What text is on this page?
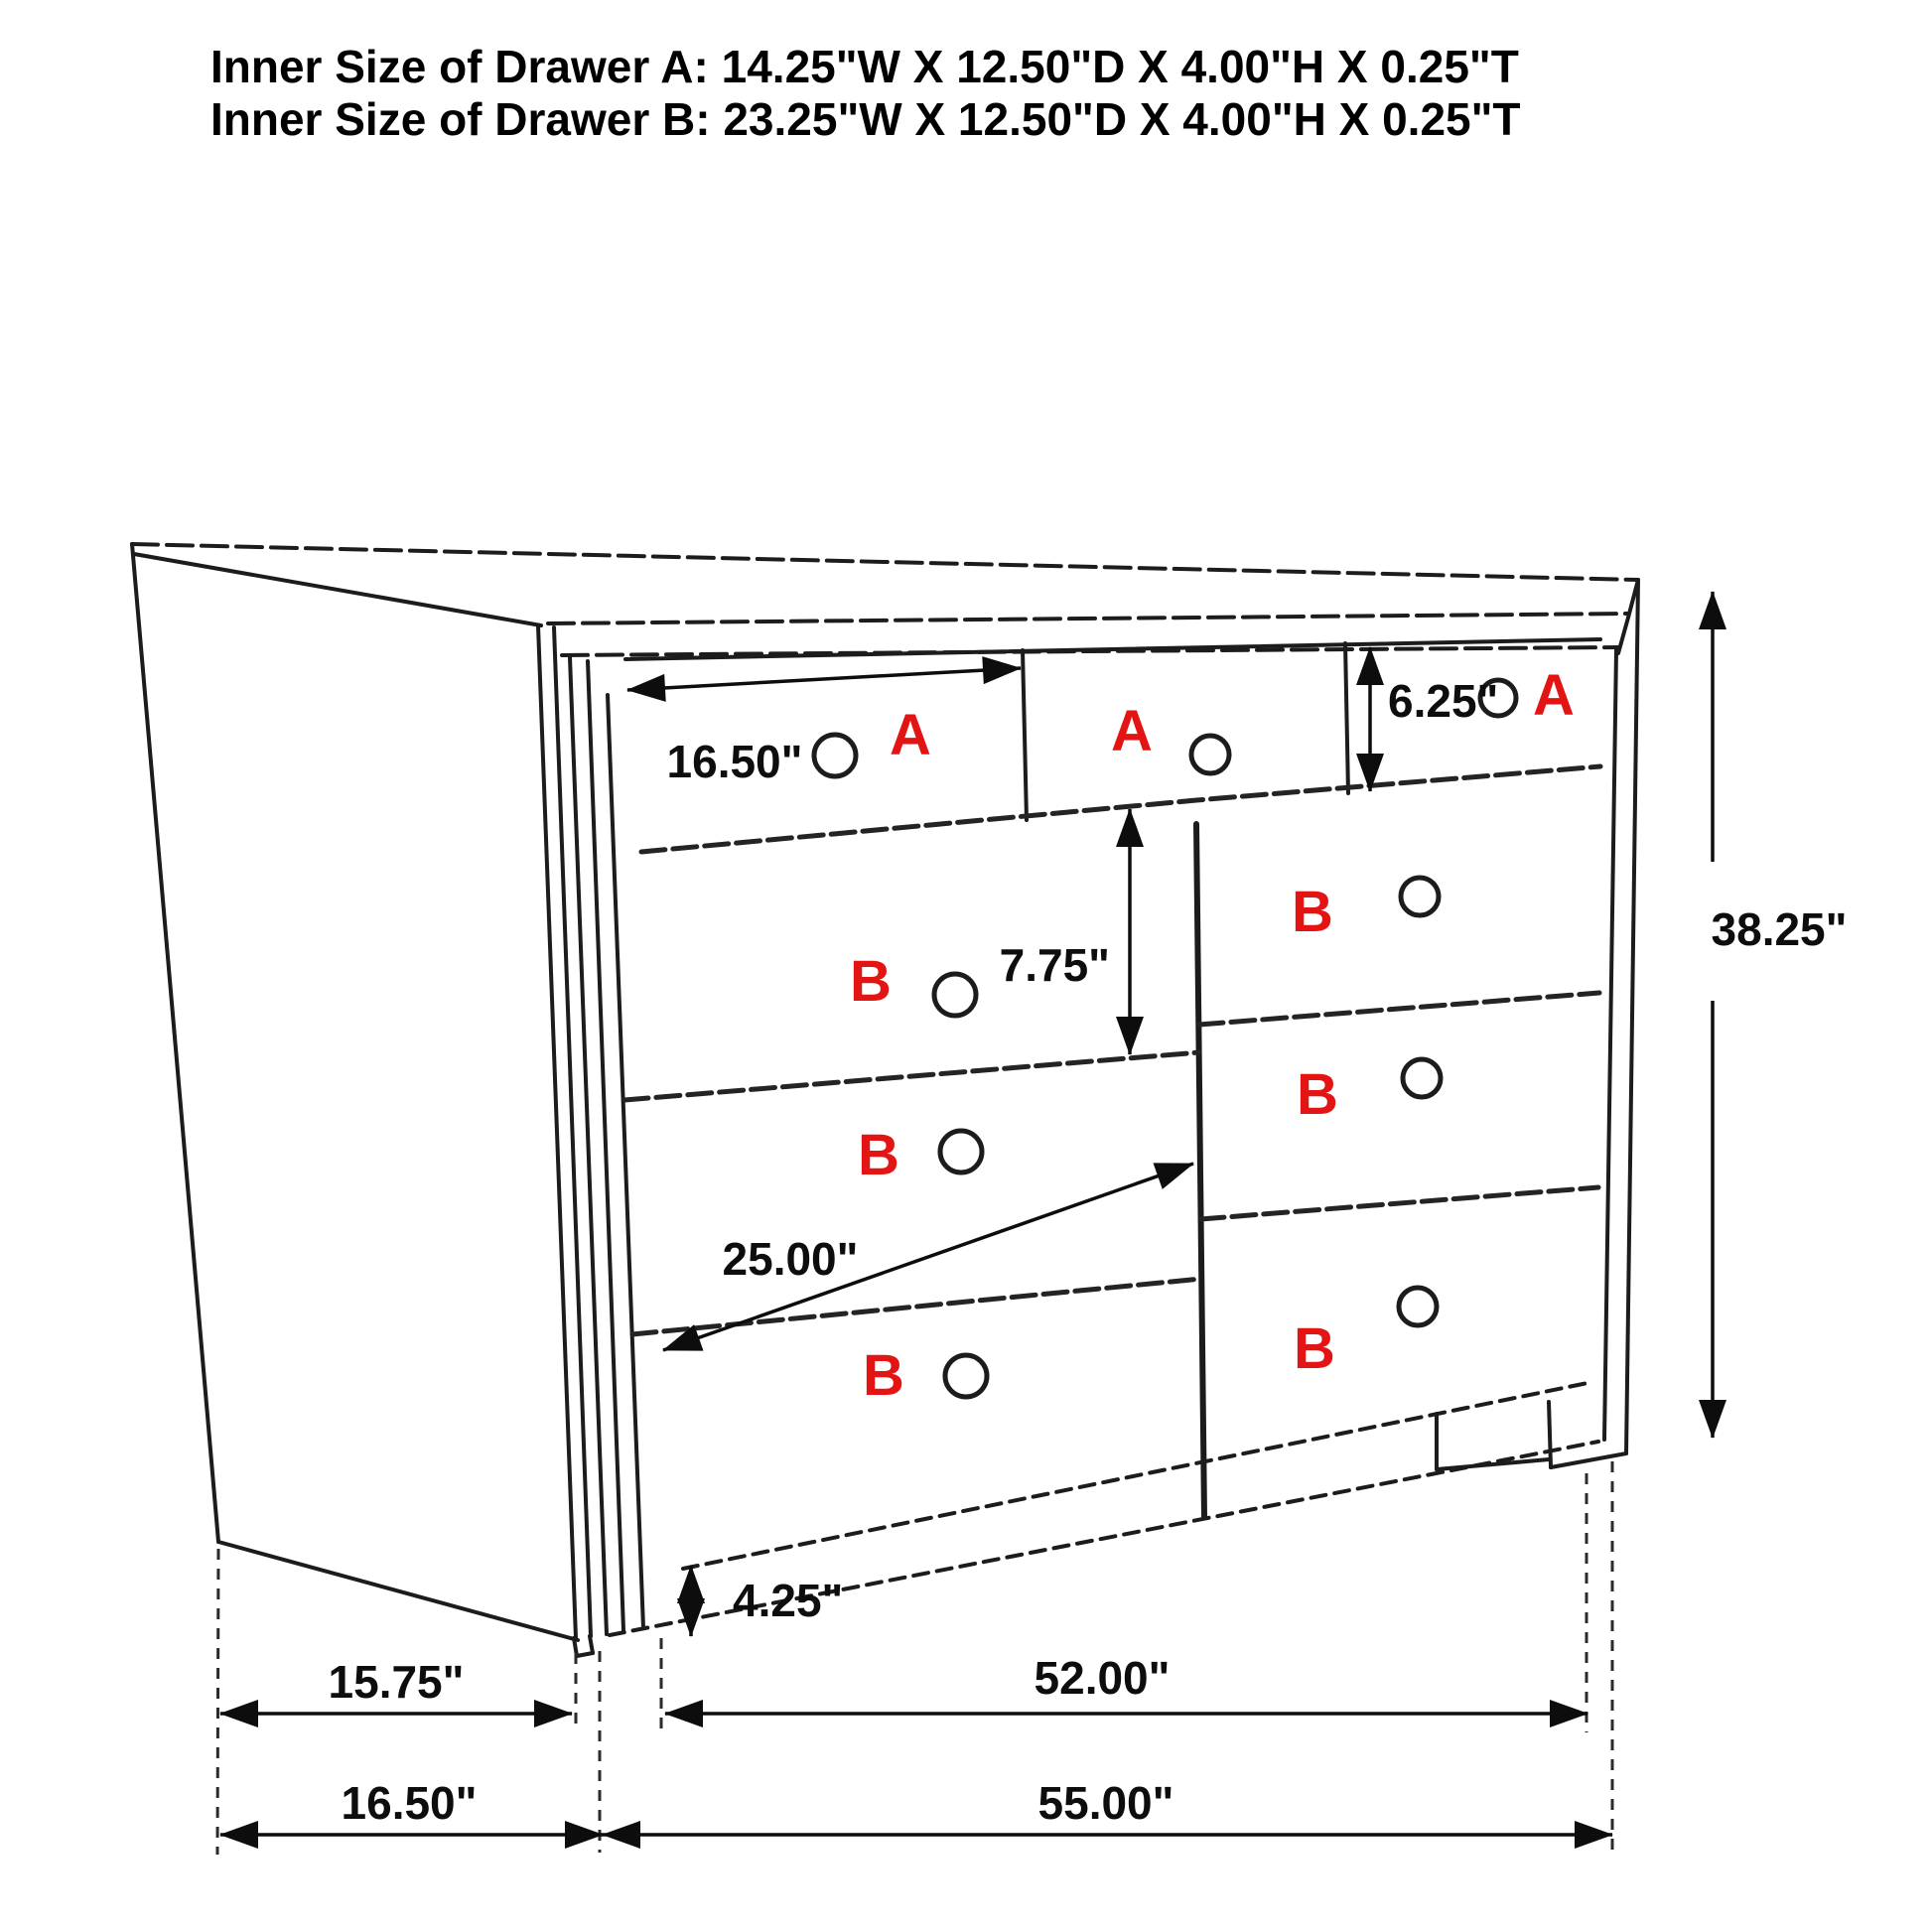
Inner Size of Drawer A: 14.25"W X 12.50"D X 4.00"H X 0.25"T
Inner Size of Drawer B: 23.25"W X 12.50"D X 4.00"H X 0.25"T
A	A
A
B
B
B
B
B
B
16.50"
6.25"
7.75"
25.00"
4.25"
38.25"
15.75"	52.00"
16.50"	55.00"
